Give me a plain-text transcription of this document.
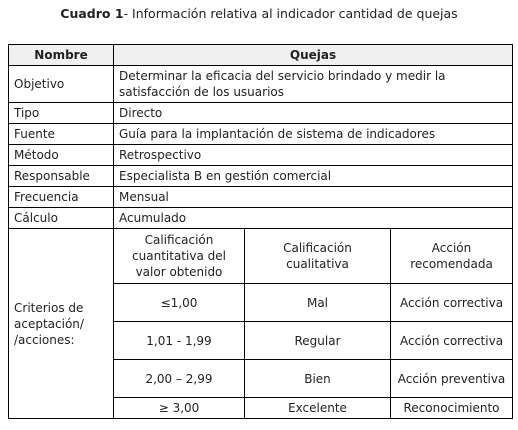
Cuadro 1- Información relativa al indicador cantidad de quejas
Nombre	Quejas		
Objetivo	Determinar la eficacia del servicio brindado y medir la satisfacción de los usuarios		
Tipo	Directo		
Fuente	Guía para la implantación de sistema de indicadores		
Método	Retrospectivo		
Responsable	Especialista B en gestión comercial		
Frecuencia	Mensual		
Cálculo	Acumulado		
Criterios de aceptación/ /acciones:	Calificación cuantitativa del valor obtenido	Calificación cualitativa	Acción recomendada
	≤1,00	Mal	Acción correctiva
	1,01 - 1,99	Regular	Acción correctiva
	2,00 – 2,99	Bien	Acción preventiva
	≥ 3,00	Excelente	Reconocimiento
